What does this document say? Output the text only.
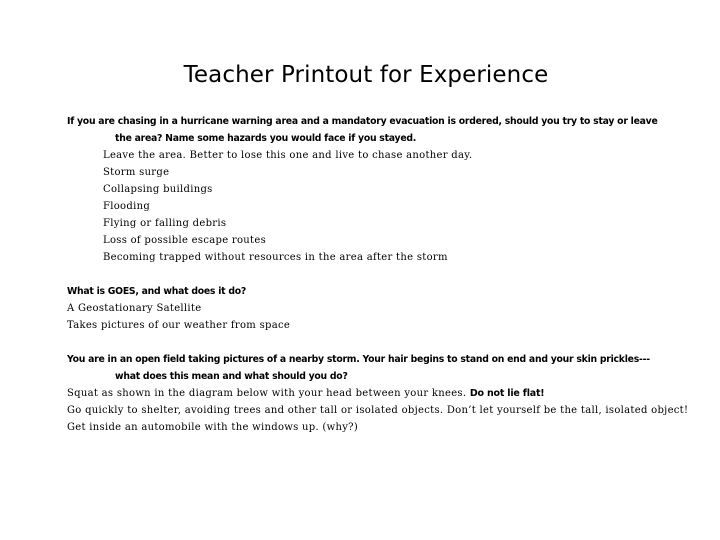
Teacher Printout for Experience
If you are chasing in a hurricane warning area and a mandatory evacuation is ordered, should you try to stay or leave
the area? Name some hazards you would face if you stayed.
Leave the area. Better to lose this one and live to chase another day.
Storm surge
Collapsing buildings
Flooding
Flying or falling debris
Loss of possible escape routes
Becoming trapped without resources in the area after the storm
What is GOES, and what does it do?
A Geostationary Satellite
Takes pictures of our weather from space
You are in an open field taking pictures of a nearby storm. Your hair begins to stand on end and your skin prickles---
what does this mean and what should you do?
Squat as shown in the diagram below with your head between your knees. Do not lie flat!
Go quickly to shelter, avoiding trees and other tall or isolated objects. Don’t let yourself be the tall, isolated object!
Get inside an automobile with the windows up. (why?)
